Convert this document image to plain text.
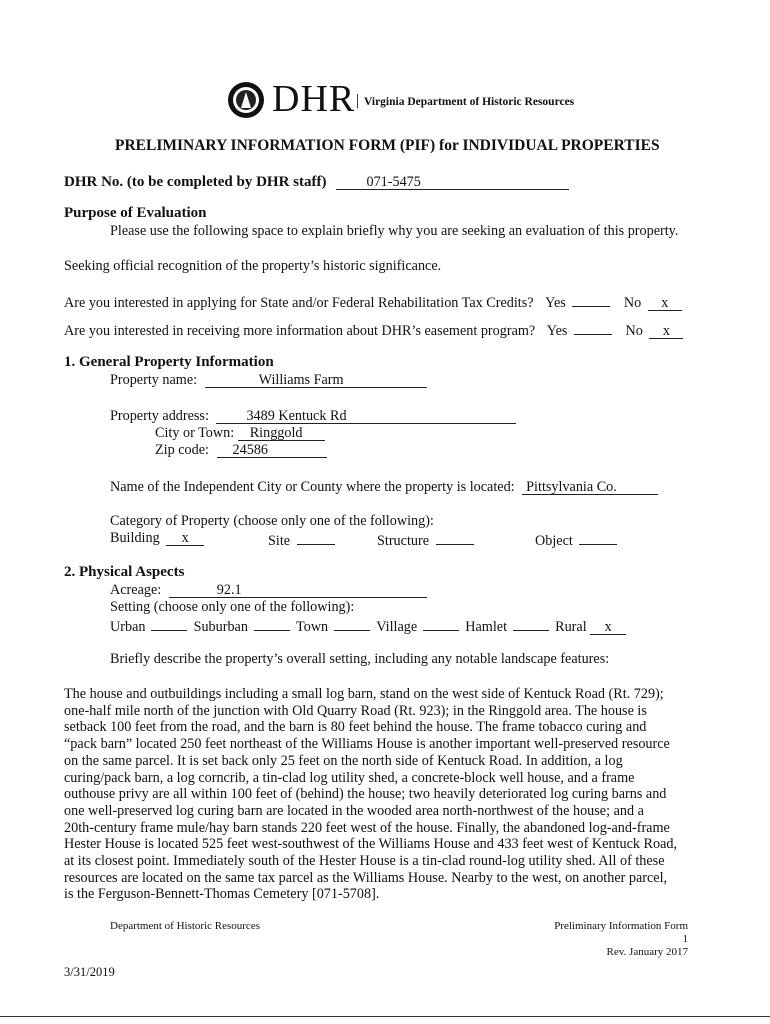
DHR | Virginia Department of Historic Resources
PRELIMINARY INFORMATION FORM (PIF) for INDIVIDUAL PROPERTIES
DHR No. (to be completed by DHR staff)	071-5475
Purpose of Evaluation
Please use the following space to explain briefly why you are seeking an evaluation of this property.
Seeking official recognition of the property’s historic significance.
Are you interested in applying for State and/or Federal Rehabilitation Tax Credits? Yes	No x
Are you interested in receiving more information about DHR’s easement program? Yes	No x
1. General Property Information
Property name:	Williams Farm
Property address:	3489 Kentuck Rd
City or Town: Ringgold
Zip code: 24586
Name of the Independent City or County where the property is located: Pittsylvania Co.
Category of Property (choose only one of the following):
Building x	Site	Structure	Object
2. Physical Aspects
Acreage:	92.1
Setting (choose only one of the following):
Urban	Suburban	Town	Village	Hamlet	Rural x
Briefly describe the property’s overall setting, including any notable landscape features:
The house and outbuildings including a small log barn, stand on the west side of Kentuck Road (Rt. 729);
one-half mile north of the junction with Old Quarry Road (Rt. 923); in the Ringgold area. The house is
setback 100 feet from the road, and the barn is 80 feet behind the house. The frame tobacco curing and
“pack barn” located 250 feet northeast of the Williams House is another important well-preserved resource
on the same parcel. It is set back only 25 feet on the north side of Kentuck Road. In addition, a log
curing/pack barn, a log corncrib, a tin-clad log utility shed, a concrete-block well house, and a frame
outhouse privy are all within 100 feet of (behind) the house; two heavily deteriorated log curing barns and
one well-preserved log curing barn are located in the wooded area north-northwest of the house; and a
20th-century frame mule/hay barn stands 220 feet west of the house. Finally, the abandoned log-and-frame
Hester House is located 525 feet west-southwest of the Williams House and 433 feet west of Kentuck Road,
at its closest point. Immediately south of the Hester House is a tin-clad round-log utility shed. All of these
resources are located on the same tax parcel as the Williams House. Nearby to the west, on another parcel,
is the Ferguson-Bennett-Thomas Cemetery [071-5708].
Department of Historic Resources	Preliminary Information Form
1
Rev. January 2017
3/31/2019
